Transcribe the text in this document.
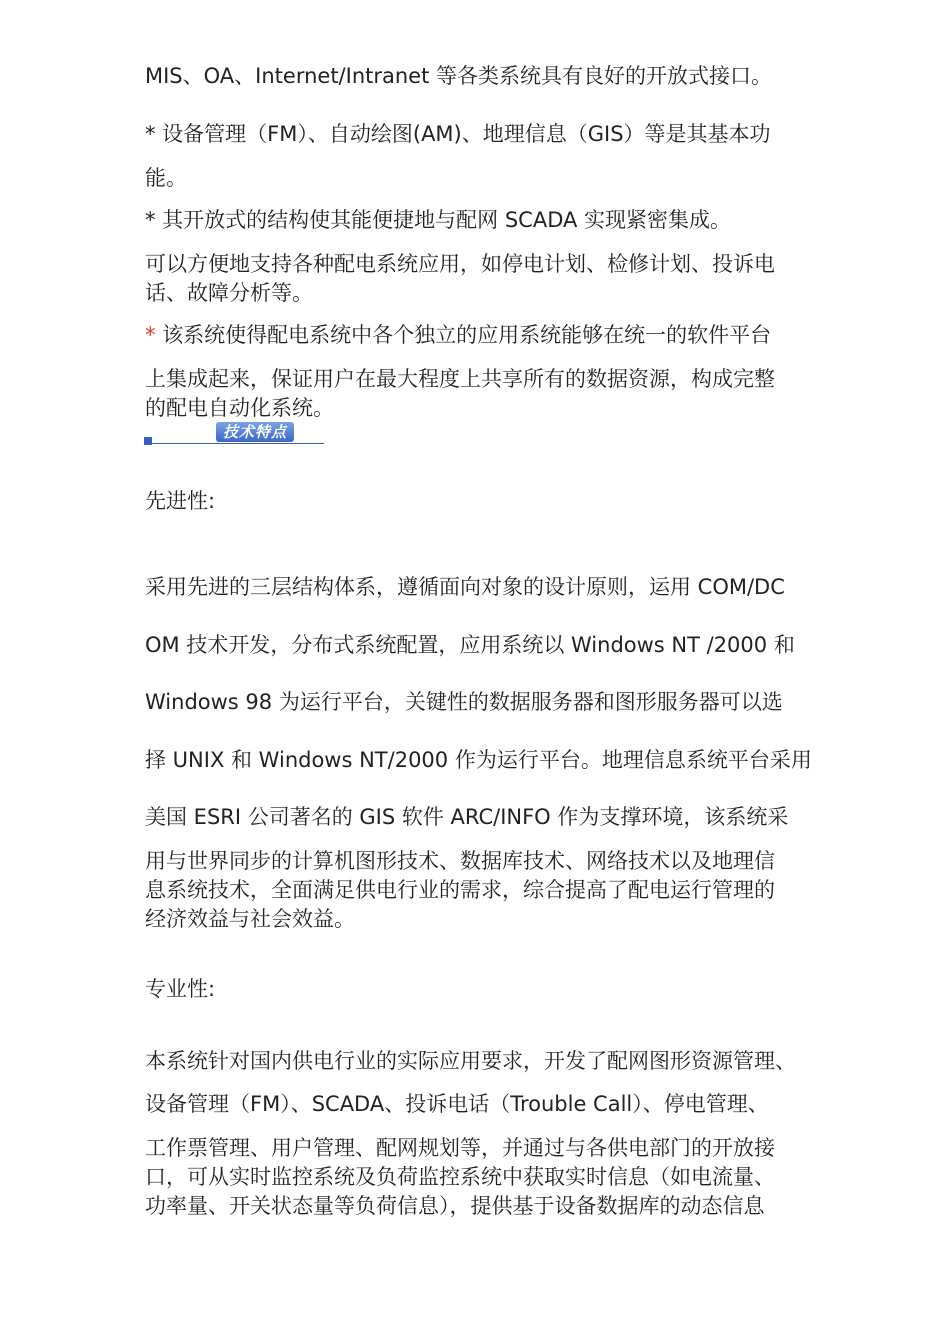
MIS、OA、Internet/Intranet 等各类系统具有良好的开放式接口。

* 设备管理（FM）、自动绘图(AM)、地理信息（GIS）等是其基本功

能。

* 其开放式的结构使其能便捷地与配网 SCADA 实现紧密集成。

可以方便地支持各种配电系统应用，如停电计划、检修计划、投诉电

话、故障分析等。

* 该系统使得配电系统中各个独立的应用系统能够在统一的软件平台

上集成起来，保证用户在最大程度上共享所有的数据资源，构成完整

的配电自动化系统。

技术特点

先进性:

采用先进的三层结构体系，遵循面向对象的设计原则，运用 COM/DC

OM 技术开发，分布式系统配置，应用系统以 Windows NT /2000 和

Windows 98 为运行平台，关键性的数据服务器和图形服务器可以选

择 UNIX 和 Windows NT/2000 作为运行平台。地理信息系统平台采用

美国 ESRI 公司著名的 GIS 软件 ARC/INFO 作为支撑环境，该系统采

用与世界同步的计算机图形技术、数据库技术、网络技术以及地理信

息系统技术，全面满足供电行业的需求，综合提高了配电运行管理的

经济效益与社会效益。

专业性:

本系统针对国内供电行业的实际应用要求，开发了配网图形资源管理、

设备管理（FM）、SCADA、投诉电话（Trouble Call）、停电管理、

工作票管理、用户管理、配网规划等，并通过与各供电部门的开放接

口，可从实时监控系统及负荷监控系统中获取实时信息（如电流量、

功率量、开关状态量等负荷信息），提供基于设备数据库的动态信息
